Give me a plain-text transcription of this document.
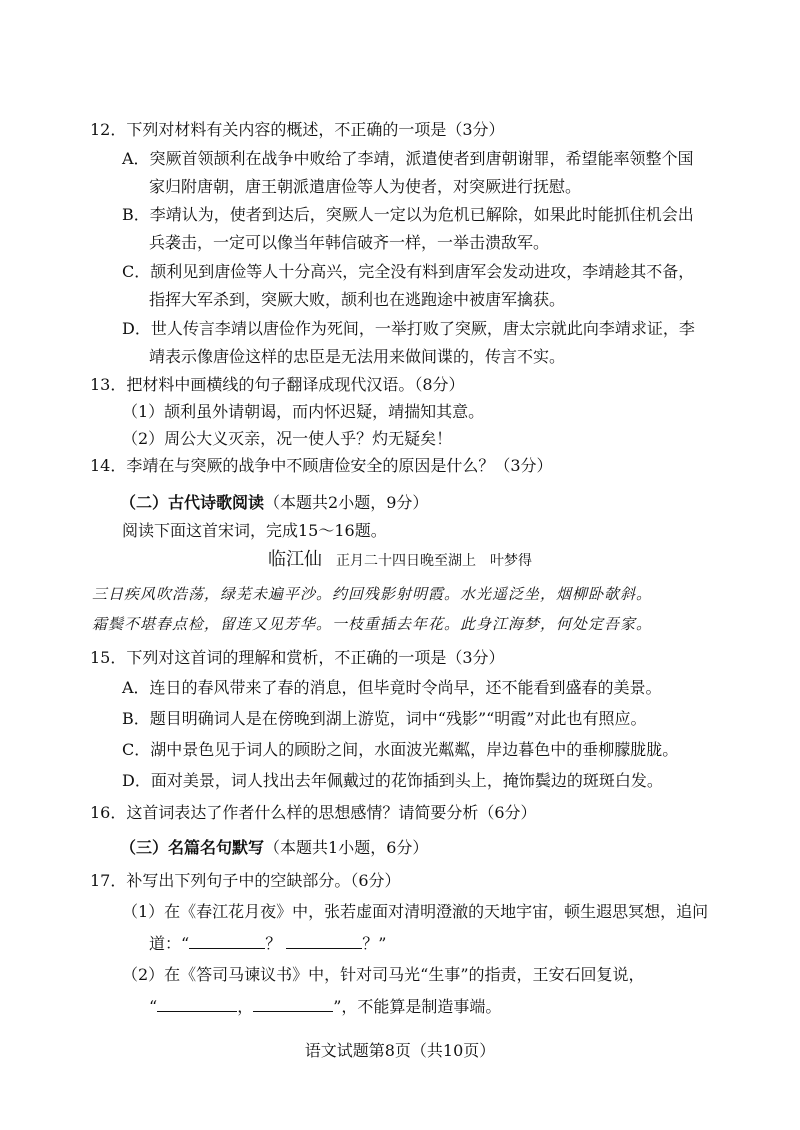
12．下列对材料有关内容的概述，不正确的一项是（3分）
A．突厥首领颉利在战争中败给了李靖，派遣使者到唐朝谢罪，希望能率领整个国
家归附唐朝，唐王朝派遣唐俭等人为使者，对突厥进行抚慰。
B．李靖认为，使者到达后，突厥人一定以为危机已解除，如果此时能抓住机会出
兵袭击，一定可以像当年韩信破齐一样，一举击溃敌军。
C．颉利见到唐俭等人十分高兴，完全没有料到唐军会发动进攻，李靖趁其不备，
指挥大军杀到，突厥大败，颉利也在逃跑途中被唐军擒获。
D．世人传言李靖以唐俭作为死间，一举打败了突厥，唐太宗就此向李靖求证，李
靖表示像唐俭这样的忠臣是无法用来做间谍的，传言不实。
13．把材料中画横线的句子翻译成现代汉语。（8分）
（1）颉利虽外请朝谒，而内怀迟疑，靖揣知其意。
（2）周公大义灭亲，况一使人乎？灼无疑矣！
14．李靖在与突厥的战争中不顾唐俭安全的原因是什么？（3分）
（二）古代诗歌阅读（本题共2小题，9分）
阅读下面这首宋词，完成15～16题。
临江仙 正月二十四日晚至湖上　叶梦得
三日疾风吹浩荡，绿芜未遍平沙。约回残影射明霞。水光遥泛坐，烟柳卧欹斜。
霜鬓不堪春点检，留连又见芳华。一枝重插去年花。此身江海梦，何处定吾家。
15．下列对这首词的理解和赏析，不正确的一项是（3分）
A．连日的春风带来了春的消息，但毕竟时令尚早，还不能看到盛春的美景。
B．题目明确词人是在傍晚到湖上游览，词中“残影”“明霞”对此也有照应。
C．湖中景色见于词人的顾盼之间，水面波光粼粼，岸边暮色中的垂柳朦胧胧。
D．面对美景，词人找出去年佩戴过的花饰插到头上，掩饰鬓边的斑斑白发。
16．这首词表达了作者什么样的思想感情？请简要分析（6分）
（三）名篇名句默写（本题共1小题，6分）
17．补写出下列句子中的空缺部分。（6分）
（1）在《春江花月夜》中，张若虚面对清明澄澈的天地宇宙，顿生遐思冥想，追问
道：“	？	？”
（2）在《答司马谏议书》中，针对司马光“生事”的指责，王安石回复说，
“	，	”，不能算是制造事端。
语文试题第8页（共10页）
